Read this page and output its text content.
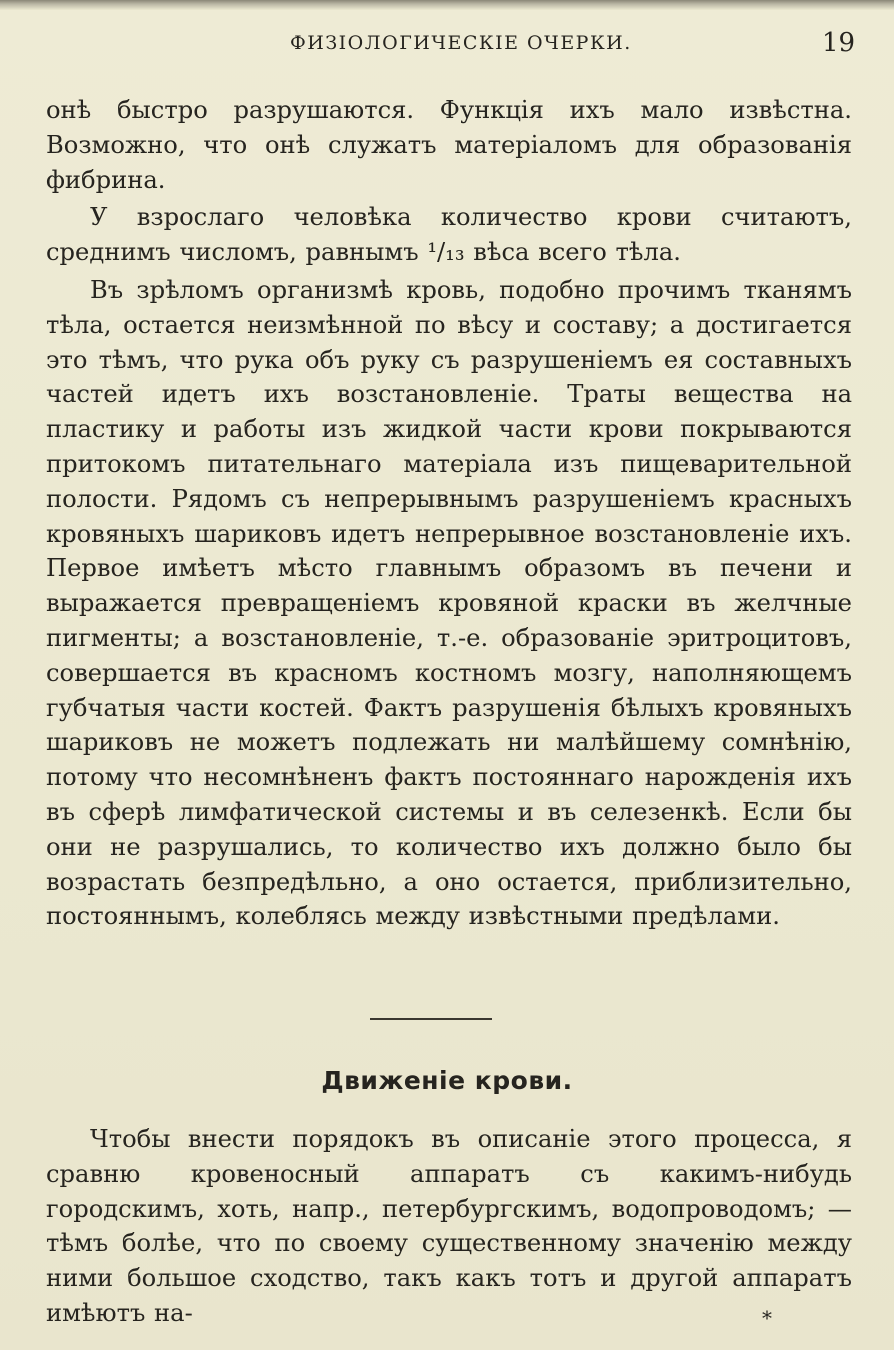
ФИЗІОЛОГИЧЕСКІЕ ОЧЕРКИ.	19

онѣ быстро разрушаются. Функція ихъ мало извѣстна. Возможно, что онѣ служатъ матеріаломъ для образованія фибрина.

У взрослаго человѣка количество крови считаютъ, среднимъ числомъ, равнымъ ¹/₁₃ вѣса всего тѣла.

Въ зрѣломъ организмѣ кровь, подобно прочимъ тканямъ тѣла, остается неизмѣнной по вѣсу и составу; а достигается это тѣмъ, что рука объ руку съ разрушеніемъ ея составныхъ частей идетъ ихъ возстановленіе. Траты вещества на пластику и работы изъ жидкой части крови покрываются притокомъ питательнаго матеріала изъ пищеварительной полости. Рядомъ съ непрерывнымъ разрушеніемъ красныхъ кровяныхъ шариковъ идетъ непрерывное возстановленіе ихъ. Первое имѣетъ мѣсто главнымъ образомъ въ печени и выражается превращеніемъ кровяной краски въ желчные пигменты; а возстановленіе, т.-е. образованіе эритроцитовъ, совершается въ красномъ костномъ мозгу, наполняющемъ губчатыя части костей. Фактъ разрушенія бѣлыхъ кровяныхъ шариковъ не можетъ подлежать ни малѣйшему сомнѣнію, потому что несомнѣненъ фактъ постояннаго нарожденія ихъ въ сферѣ лимфатической системы и въ селезенкѣ. Если бы они не разрушались, то количество ихъ должно было бы возрастать безпредѣльно, а оно остается, приблизительно, постояннымъ, колеблясь между извѣстными предѣлами.

Движеніе крови.

Чтобы внести порядокъ въ описаніе этого процесса, я сравню кровеносный аппаратъ съ какимъ-нибудь городскимъ, хоть, напр., петербургскимъ, водопроводомъ; — тѣмъ болѣе, что по своему существенному значенію между ними большое сходство, такъ какъ тотъ и другой аппаратъ имѣютъ на-	*
